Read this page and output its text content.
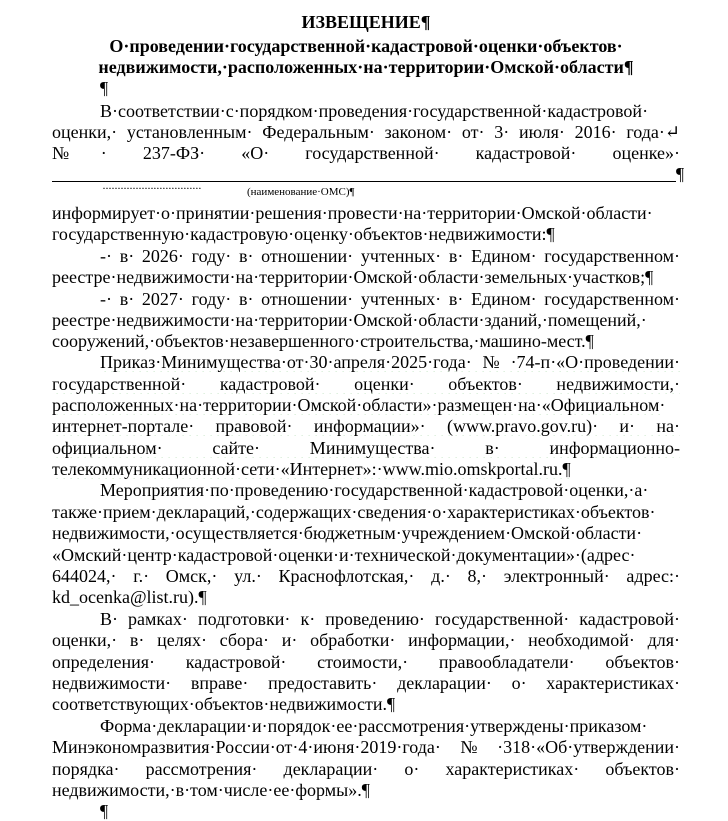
ИЗВЕЩЕНИЕ¶
О·проведении·государственной·кадастровой·оценки·объектов·
недвижимости,·расположенных·на·территории·Омской·области¶
¶
В·соответствии·с·порядком·проведения·государственной·кадастровой·
оценки,· установленным· Федеральным· законом· от· 3· июля· 2016· года·↵
№· 237-ФЗ· «О· государственной· кадастровой· оценке»·
¶
·································	(наименование·ОМС)¶
информирует·о·принятии·решения·провести·на·территории·Омской·области·
государственную·кадастровую·оценку·объектов·недвижимости:¶
-· в· 2026· году· в· отношении· учтенных· в· Едином· государственном·
реестре·недвижимости·на·территории·Омской·области·земельных·участков;¶
-· в· 2027· году· в· отношении· учтенных· в· Едином· государственном·
реестре·недвижимости·на·территории·Омской·области·зданий,·помещений,·
сооружений,·объектов·незавершенного·строительства,·машино-мест.¶
Приказ·Минимущества·от·30·апреля·2025·года·№·74-п·«О·проведении·
государственной· кадастровой· оценки· объектов· недвижимости,·
расположенных·на·территории·Омской·области»·размещен·на·«Официальном·
интернет-портале· правовой· информации»· (www.pravo.gov.ru)· и· на·
официальном· сайте· Минимущества· в· информационно-
телекоммуникационной·сети·«Интернет»:·www.mio.omskportal.ru.¶
Мероприятия·по·проведению·государственной·кадастровой·оценки,·а·
также·прием·деклараций,·содержащих·сведения·о·характеристиках·объектов·
недвижимости,·осуществляется·бюджетным·учреждением·Омской·области·
«Омский·центр·кадастровой·оценки·и·технической·документации»·(адрес·
644024,· г.· Омск,· ул.· Краснофлотская,· д.· 8,· электронный· адрес:·
kd_ocenka@list.ru).¶
В· рамках· подготовки· к· проведению· государственной· кадастровой·
оценки,· в· целях· сбора· и· обработки· информации,· необходимой· для·
определения· кадастровой· стоимости,· правообладатели· объектов·
недвижимости· вправе· предоставить· декларации· о· характеристиках·
соответствующих·объектов·недвижимости.¶
Форма·декларации·и·порядок·ее·рассмотрения·утверждены·приказом·
Минэкономразвития·России·от·4·июня·2019·года·№·318·«Об·утверждении·
порядка· рассмотрения· декларации· о· характеристиках· объектов·
недвижимости,·в·том·числе·ее·формы».¶
¶
